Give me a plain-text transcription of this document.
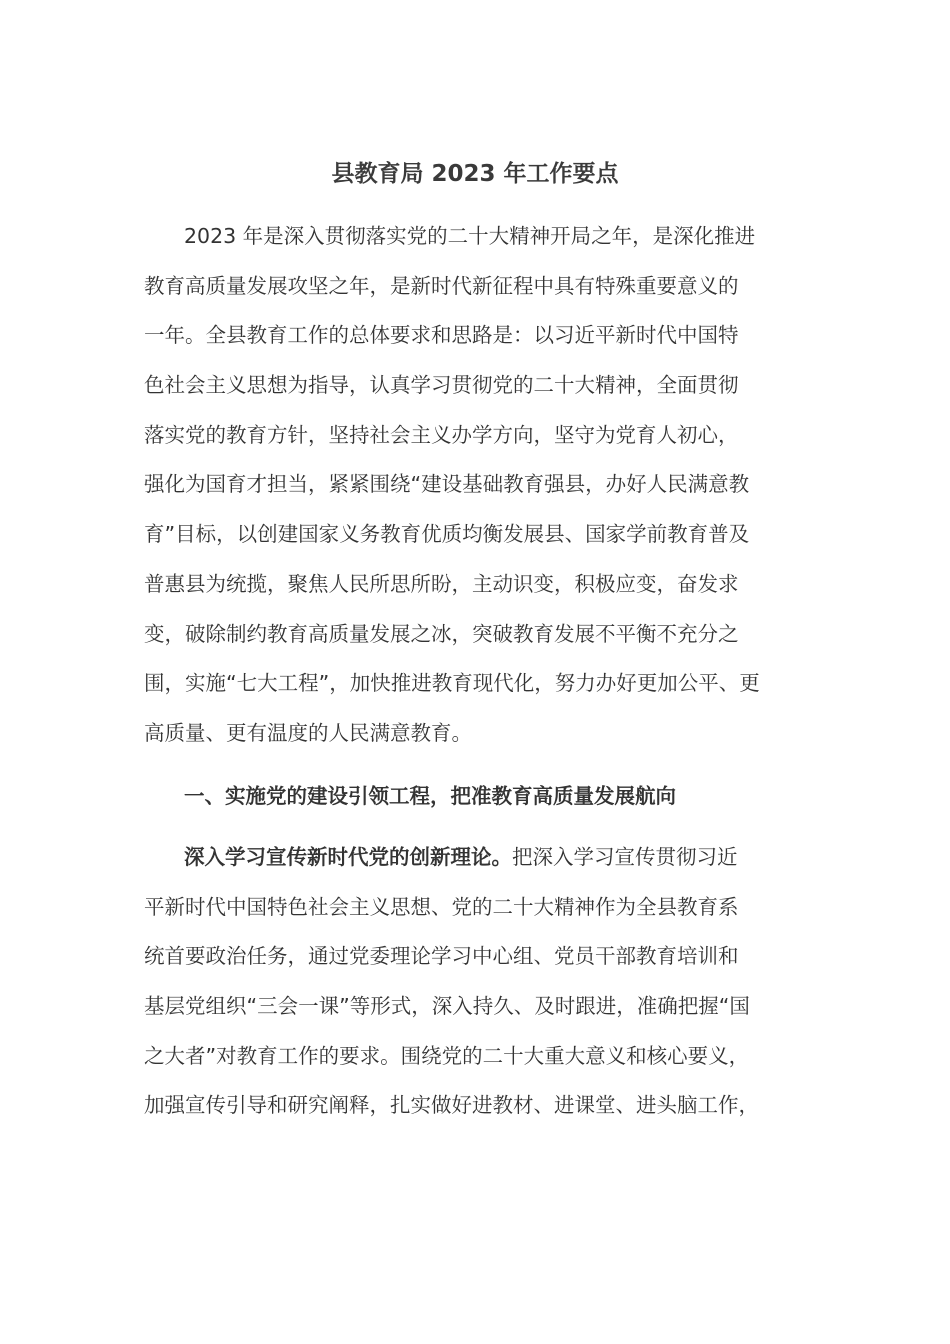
县教育局 2023 年工作要点
2023 年是深入贯彻落实党的二十大精神开局之年，是深化推进
教育高质量发展攻坚之年，是新时代新征程中具有特殊重要意义的
一年。全县教育工作的总体要求和思路是：以习近平新时代中国特
色社会主义思想为指导，认真学习贯彻党的二十大精神，全面贯彻
落实党的教育方针，坚持社会主义办学方向，坚守为党育人初心，
强化为国育才担当，紧紧围绕“建设基础教育强县，办好人民满意教
育”目标，以创建国家义务教育优质均衡发展县、国家学前教育普及
普惠县为统揽，聚焦人民所思所盼，主动识变，积极应变，奋发求
变，破除制约教育高质量发展之冰，突破教育发展不平衡不充分之
围，实施“七大工程”，加快推进教育现代化，努力办好更加公平、更
高质量、更有温度的人民满意教育。
一、实施党的建设引领工程，把准教育高质量发展航向
深入学习宣传新时代党的创新理论。把深入学习宣传贯彻习近
平新时代中国特色社会主义思想、党的二十大精神作为全县教育系
统首要政治任务，通过党委理论学习中心组、党员干部教育培训和
基层党组织“三会一课”等形式，深入持久、及时跟进，准确把握“国
之大者”对教育工作的要求。围绕党的二十大重大意义和核心要义，
加强宣传引导和研究阐释，扎实做好进教材、进课堂、进头脑工作，
